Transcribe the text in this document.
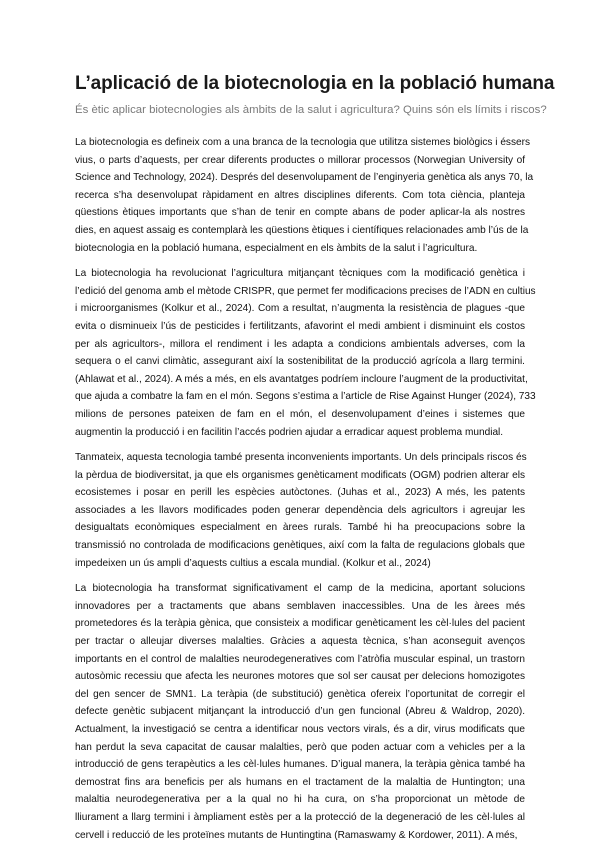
L’aplicació de la biotecnologia en la població humana
És ètic aplicar biotecnologies als àmbits de la salut i agricultura? Quins són els límits i riscos?
La biotecnologia es defineix com a una branca de la tecnologia que utilitza sistemes biològics i éssers
vius, o parts d’aquests, per crear diferents productes o millorar processos (Norwegian University of
Science and Technology, 2024). Després del desenvolupament de l’enginyeria genètica als anys 70, la
recerca s’ha desenvolupat ràpidament en altres disciplines diferents. Com tota ciència, planteja
qüestions ètiques importants que s’han de tenir en compte abans de poder aplicar-la als nostres
dies, en aquest assaig es contemplarà les qüestions ètiques i científiques relacionades amb l’ús de la
biotecnologia en la població humana, especialment en els àmbits de la salut i l’agricultura.
La biotecnologia ha revolucionat l’agricultura mitjançant tècniques com la modificació genètica i
l’edició del genoma amb el mètode CRISPR, que permet fer modificacions precises de l’ADN en cultius
i microorganismes (Kolkur et al., 2024). Com a resultat, n’augmenta la resistència de plagues -que
evita o disminueix l’ús de pesticides i fertilitzants, afavorint el medi ambient i disminuint els costos
per als agricultors-, millora el rendiment i les adapta a condicions ambientals adverses, com la
sequera o el canvi climàtic, assegurant així la sostenibilitat de la producció agrícola a llarg termini.
(Ahlawat et al., 2024). A més a més, en els avantatges podríem incloure l’augment de la productivitat,
que ajuda a combatre la fam en el món. Segons s’estima a l’article de Rise Against Hunger (2024), 733
milions de persones pateixen de fam en el món, el desenvolupament d’eines i sistemes que
augmentin la producció i en facilitin l’accés podrien ajudar a erradicar aquest problema mundial.
Tanmateix, aquesta tecnologia també presenta inconvenients importants. Un dels principals riscos és
la pèrdua de biodiversitat, ja que els organismes genèticament modificats (OGM) podrien alterar els
ecosistemes i posar en perill les espècies autòctones. (Juhas et al., 2023) A més, les patents
associades a les llavors modificades poden generar dependència dels agricultors i agreujar les
desigualtats econòmiques especialment en àrees rurals. També hi ha preocupacions sobre la
transmissió no controlada de modificacions genètiques, així com la falta de regulacions globals que
impedeixen un ús ampli d’aquests cultius a escala mundial. (Kolkur et al., 2024)
La biotecnologia ha transformat significativament el camp de la medicina, aportant solucions
innovadores per a tractaments que abans semblaven inaccessibles. Una de les àrees més
prometedores és la teràpia gènica, que consisteix a modificar genèticament les cèl·lules del pacient
per tractar o alleujar diverses malalties. Gràcies a aquesta tècnica, s’han aconseguit avenços
importants en el control de malalties neurodegeneratives com l’atròfia muscular espinal, un trastorn
autosòmic recessiu que afecta les neurones motores que sol ser causat per delecions homozigotes
del gen sencer de SMN1. La teràpia (de substitució) genètica ofereix l’oportunitat de corregir el
defecte genètic subjacent mitjançant la introducció d’un gen funcional (Abreu & Waldrop, 2020).
Actualment, la investigació se centra a identificar nous vectors virals, és a dir, virus modificats que
han perdut la seva capacitat de causar malalties, però que poden actuar com a vehicles per a la
introducció de gens terapèutics a les cèl·lules humanes. D’igual manera, la teràpia gènica també ha
demostrat fins ara beneficis per als humans en el tractament de la malaltia de Huntington; una
malaltia neurodegenerativa per a la qual no hi ha cura, on s’ha proporcionat un mètode de
lliurament a llarg termini i àmpliament estès per a la protecció de la degeneració de les cèl·lules al
cervell i reducció de les proteïnes mutants de Huntingtina (Ramaswamy & Kordower, 2011). A més,
